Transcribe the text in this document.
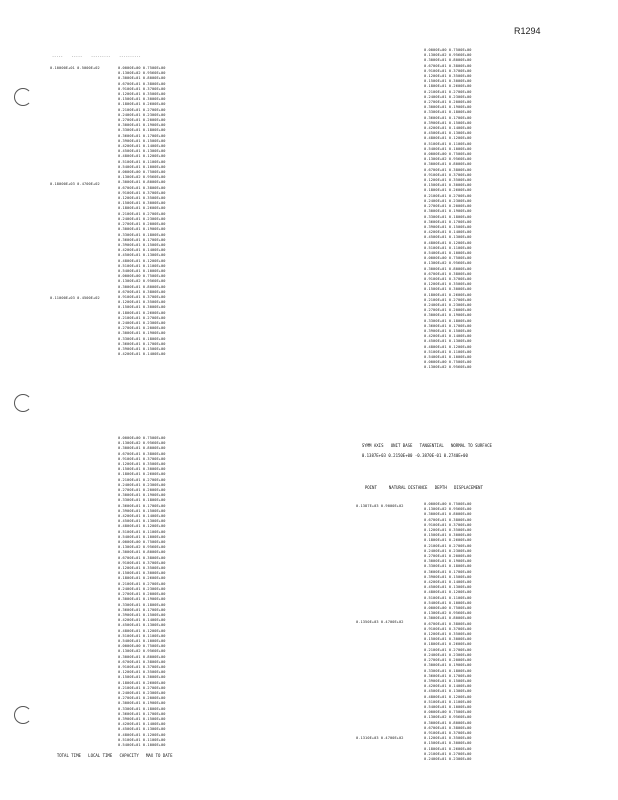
R1294
-----    -----    ---------    ----------
0.10000E+01 0.5000E+02
0.18000E+03 0.4700E+02
0.11000E+03 0.4500E+02
0.0000E+00 0.7500E+00
0.1300E+02 0.9560E+00
0.3000E+01 0.8000E+00
0.6700E+01 0.3800E+00
0.9100E+01 0.3700E+00
0.1200E+01 0.3500E+00
0.1500E+01 0.3000E+00
0.1800E+01 0.2600E+00
0.2100E+01 0.2700E+00
0.2400E+01 0.2300E+00
0.2700E+01 0.2000E+00
0.3000E+01 0.1900E+00
0.3300E+01 0.1800E+00
0.3600E+01 0.1700E+00
0.3900E+01 0.1500E+00
0.4200E+01 0.1400E+00
0.4500E+01 0.1300E+00
0.4800E+01 0.1200E+00
0.5100E+01 0.1100E+00
0.5400E+01 0.1000E+00
0.0000E+00 0.7500E+00
0.1300E+02 0.9560E+00
0.3000E+01 0.8000E+00
0.6700E+01 0.3800E+00
0.9100E+01 0.3700E+00
0.1200E+01 0.3500E+00
0.1500E+01 0.3000E+00
0.1800E+01 0.2600E+00
0.2100E+01 0.2700E+00
0.2400E+01 0.2300E+00
0.2700E+01 0.2000E+00
0.3000E+01 0.1900E+00
0.3300E+01 0.1800E+00
0.3600E+01 0.1700E+00
0.3900E+01 0.1500E+00
0.4200E+01 0.1400E+00
0.4500E+01 0.1300E+00
0.4800E+01 0.1200E+00
0.5100E+01 0.1100E+00
0.5400E+01 0.1000E+00
0.0000E+00 0.7500E+00
0.1300E+02 0.9560E+00
0.3000E+01 0.8000E+00
0.6700E+01 0.3800E+00
0.9100E+01 0.3700E+00
0.1200E+01 0.3500E+00
0.1500E+01 0.3000E+00
0.1800E+01 0.2600E+00
0.2100E+01 0.2700E+00
0.2400E+01 0.2300E+00
0.2700E+01 0.2000E+00
0.3000E+01 0.1900E+00
0.3300E+01 0.1800E+00
0.3600E+01 0.1700E+00
0.3900E+01 0.1500E+00
0.4200E+01 0.1400E+00
0.0000E+00 0.7500E+00
0.1300E+02 0.9560E+00
0.3000E+01 0.8000E+00
0.6700E+01 0.3800E+00
0.9100E+01 0.3700E+00
0.1200E+01 0.3500E+00
0.1500E+01 0.3000E+00
0.1800E+01 0.2600E+00
0.2100E+01 0.2700E+00
0.2400E+01 0.2300E+00
0.2700E+01 0.2000E+00
0.3000E+01 0.1900E+00
0.3300E+01 0.1800E+00
0.3600E+01 0.1700E+00
0.3900E+01 0.1500E+00
0.4200E+01 0.1400E+00
0.4500E+01 0.1300E+00
0.4800E+01 0.1200E+00
0.5100E+01 0.1100E+00
0.5400E+01 0.1000E+00
0.0000E+00 0.7500E+00
0.1300E+02 0.9560E+00
0.3000E+01 0.8000E+00
0.6700E+01 0.3800E+00
0.9100E+01 0.3700E+00
0.1200E+01 0.3500E+00
0.1500E+01 0.3000E+00
0.1800E+01 0.2600E+00
0.2100E+01 0.2700E+00
0.2400E+01 0.2300E+00
0.2700E+01 0.2000E+00
0.3000E+01 0.1900E+00
0.3300E+01 0.1800E+00
0.3600E+01 0.1700E+00
0.3900E+01 0.1500E+00
0.4200E+01 0.1400E+00
0.4500E+01 0.1300E+00
0.4800E+01 0.1200E+00
0.5100E+01 0.1100E+00
0.5400E+01 0.1000E+00
0.0000E+00 0.7500E+00
0.1300E+02 0.9560E+00
0.3000E+01 0.8000E+00
0.6700E+01 0.3800E+00
0.9100E+01 0.3700E+00
0.1200E+01 0.3500E+00
0.1500E+01 0.3000E+00
0.1800E+01 0.2600E+00
0.2100E+01 0.2700E+00
0.2400E+01 0.2300E+00
0.2700E+01 0.2000E+00
0.3000E+01 0.1900E+00
0.3300E+01 0.1800E+00
0.3600E+01 0.1700E+00
0.3900E+01 0.1500E+00
0.4200E+01 0.1400E+00
0.4500E+01 0.1300E+00
0.4800E+01 0.1200E+00
0.5100E+01 0.1100E+00
0.5400E+01 0.1000E+00
0.0000E+00 0.7500E+00
0.1300E+02 0.9560E+00
0.0000E+00 0.7500E+00
0.1300E+02 0.9560E+00
0.3000E+01 0.8000E+00
0.6700E+01 0.3800E+00
0.9100E+01 0.3700E+00
0.1200E+01 0.3500E+00
0.1500E+01 0.3000E+00
0.1800E+01 0.2600E+00
0.2100E+01 0.2700E+00
0.2400E+01 0.2300E+00
0.2700E+01 0.2000E+00
0.3000E+01 0.1900E+00
0.3300E+01 0.1800E+00
0.3600E+01 0.1700E+00
0.3900E+01 0.1500E+00
0.4200E+01 0.1400E+00
0.4500E+01 0.1300E+00
0.4800E+01 0.1200E+00
0.5100E+01 0.1100E+00
0.5400E+01 0.1000E+00
0.0000E+00 0.7500E+00
0.1300E+02 0.9560E+00
0.3000E+01 0.8000E+00
0.6700E+01 0.3800E+00
0.9100E+01 0.3700E+00
0.1200E+01 0.3500E+00
0.1500E+01 0.3000E+00
0.1800E+01 0.2600E+00
0.2100E+01 0.2700E+00
0.2400E+01 0.2300E+00
0.2700E+01 0.2000E+00
0.3000E+01 0.1900E+00
0.3300E+01 0.1800E+00
0.3600E+01 0.1700E+00
0.3900E+01 0.1500E+00
0.4200E+01 0.1400E+00
0.4500E+01 0.1300E+00
0.4800E+01 0.1200E+00
0.5100E+01 0.1100E+00
0.5400E+01 0.1000E+00
0.0000E+00 0.7500E+00
0.1300E+02 0.9560E+00
0.3000E+01 0.8000E+00
0.6700E+01 0.3800E+00
0.9100E+01 0.3700E+00
0.1200E+01 0.3500E+00
0.1500E+01 0.3000E+00
0.1800E+01 0.2600E+00
0.2100E+01 0.2700E+00
0.2400E+01 0.2300E+00
0.2700E+01 0.2000E+00
0.3000E+01 0.1900E+00
0.3300E+01 0.1800E+00
0.3600E+01 0.1700E+00
0.3900E+01 0.1500E+00
0.4200E+01 0.1400E+00
0.4500E+01 0.1300E+00
0.4800E+01 0.1200E+00
0.5100E+01 0.1100E+00
0.5400E+01 0.1000E+00
0.0000E+00 0.7500E+00
0.1300E+02 0.9560E+00
0.3000E+01 0.8000E+00
0.6700E+01 0.3800E+00
0.9100E+01 0.3700E+00
0.1200E+01 0.3500E+00
0.1500E+01 0.3000E+00
0.1800E+01 0.2600E+00
0.2100E+01 0.2700E+00
0.2400E+01 0.2300E+00
0.2700E+01 0.2000E+00
0.3000E+01 0.1900E+00
0.3300E+01 0.1800E+00
0.3600E+01 0.1700E+00
0.3900E+01 0.1500E+00
0.4200E+01 0.1400E+00
0.4500E+01 0.1300E+00
0.4800E+01 0.1200E+00
0.5100E+01 0.1100E+00
0.5400E+01 0.1000E+00
0.0000E+00 0.7500E+00
0.1300E+02 0.9560E+00
0.3000E+01 0.8000E+00
0.6700E+01 0.3800E+00
0.9100E+01 0.3700E+00
0.1200E+01 0.3500E+00
0.1500E+01 0.3000E+00
0.1800E+01 0.2600E+00
0.2100E+01 0.2700E+00
0.2400E+01 0.2300E+00
0.2700E+01 0.2000E+00
0.3000E+01 0.1900E+00
0.3300E+01 0.1800E+00
0.3600E+01 0.1700E+00
0.3900E+01 0.1500E+00
0.4200E+01 0.1400E+00
0.4500E+01 0.1300E+00
0.4800E+01 0.1200E+00
0.5100E+01 0.1100E+00
0.5400E+01 0.1000E+00
0.0000E+00 0.7500E+00
0.1300E+02 0.9560E+00
0.3000E+01 0.8000E+00
0.6700E+01 0.3800E+00
0.9100E+01 0.3700E+00
0.1200E+01 0.3500E+00
0.1500E+01 0.3000E+00
0.1800E+01 0.2600E+00
0.2100E+01 0.2700E+00
0.2400E+01 0.2300E+00

SYMM AXIS UNIT BASE TANGENTIAL NORMAL TO SURFACE

0.1387E+03 0.2150E+00 -0.3870E-01 0.2740E+00

POINT	NATURAL DISTANCE DEPTH DISPLACEMENT

0.1387E+03 0.9000E+02
0.1350E+03 0.4700E+02
0.1310E+03 0.4700E+02

TOTAL TIME LOCAL TIME CAPACITY MAX TO DATE
